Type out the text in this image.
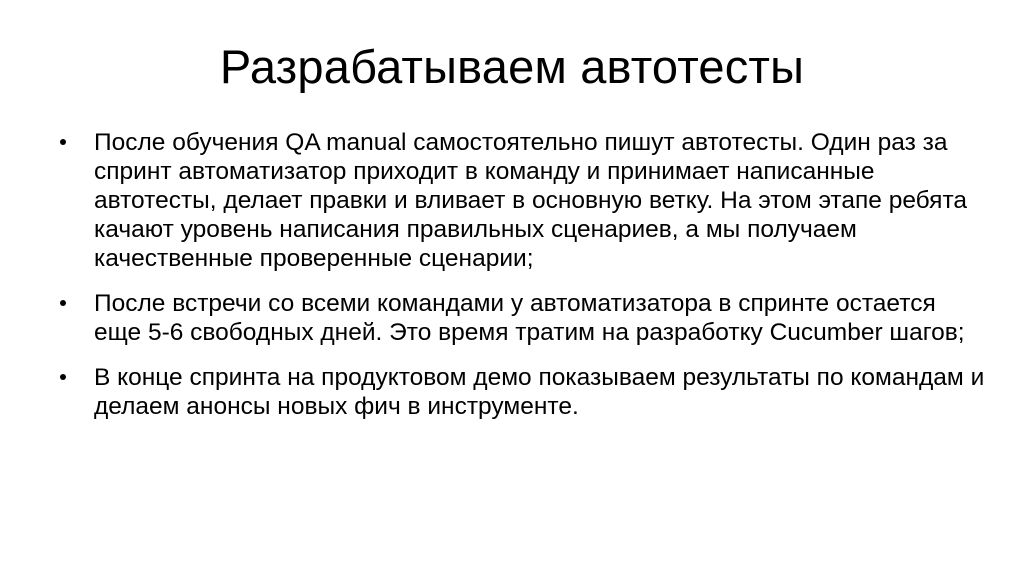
Разрабатываем автотесты
После обучения QA manual самостоятельно пишут автотесты. Один раз за спринт автоматизатор приходит в команду и принимает написанные автотесты, делает правки и вливает в основную ветку. На этом этапе ребята качают уровень написания правильных сценариев, а мы получаем качественные проверенные сценарии;
После встречи со всеми командами у автоматизатора в спринте остается еще 5-6 свободных дней. Это время тратим на разработку Cucumber шагов;
В конце спринта на продуктовом демо показываем результаты по командам и делаем анонсы новых фич в инструменте.
